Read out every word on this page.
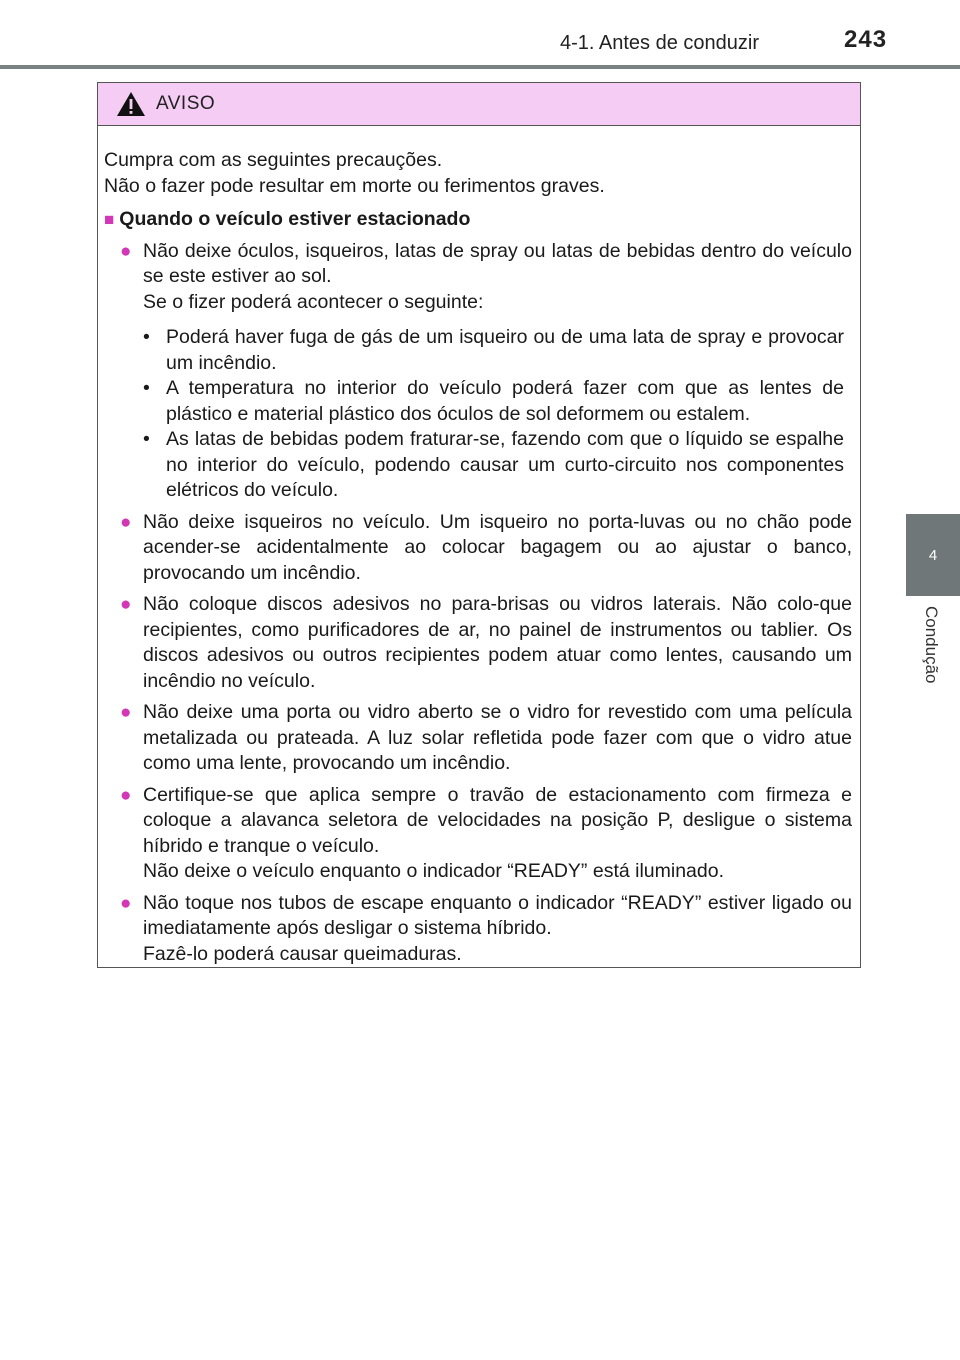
4-1. Antes de conduzir	243
4
Condução
AVISO

Cumpra com as seguintes precauções.

Não o fazer pode resultar em morte ou ferimentos graves.

■ Quando o veículo estiver estacionado
● Não deixe óculos, isqueiros, latas de spray ou latas de bebidas dentro do veículo se este estiver ao sol.

Se o fizer poderá acontecer o seguinte:

• Poderá haver fuga de gás de um isqueiro ou de uma lata de spray e provocar um incêndio.
• A temperatura no interior do veículo poderá fazer com que as lentes de plástico e material plástico dos óculos de sol deformem ou estalem.
• As latas de bebidas podem fraturar-se, fazendo com que o líquido se espalhe no interior do veículo, podendo causar um curto-circuito nos componentes elétricos do veículo.
● Não deixe isqueiros no veículo. Um isqueiro no porta-luvas ou no chão pode acender-se acidentalmente ao colocar bagagem ou ao ajustar o banco, provocando um incêndio.

● Não coloque discos adesivos no para-brisas ou vidros laterais. Não colo-que recipientes, como purificadores de ar, no painel de instrumentos ou tablier. Os discos adesivos ou outros recipientes podem atuar como lentes, causando um incêndio no veículo.

● Não deixe uma porta ou vidro aberto se o vidro for revestido com uma película metalizada ou prateada. A luz solar refletida pode fazer com que o vidro atue como uma lente, provocando um incêndio.

● Certifique-se que aplica sempre o travão de estacionamento com firmeza e coloque a alavanca seletora de velocidades na posição P, desligue o sistema híbrido e tranque o veículo.

Não deixe o veículo enquanto o indicador “READY” está iluminado.

● Não toque nos tubos de escape enquanto o indicador “READY” estiver ligado ou imediatamente após desligar o sistema híbrido.

Fazê-lo poderá causar queimaduras.
